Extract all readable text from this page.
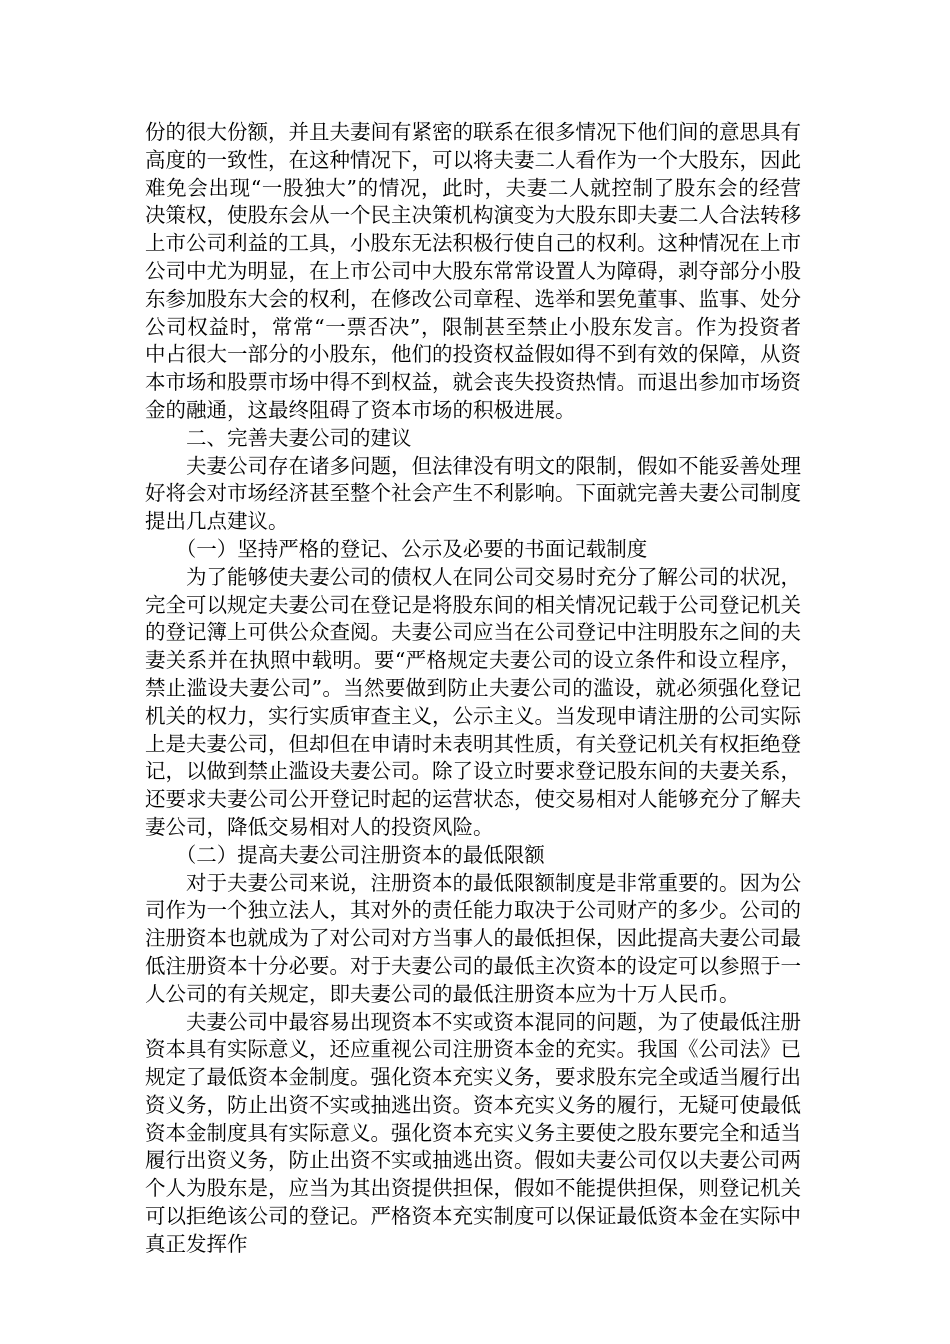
份的很大份额，并且夫妻间有紧密的联系在很多情况下他们间的意思具有高度的一致性，在这种情况下，可以将夫妻二人看作为一个大股东，因此难免会出现“一股独大”的情况，此时，夫妻二人就控制了股东会的经营决策权，使股东会从一个民主决策机构演变为大股东即夫妻二人合法转移上市公司利益的工具，小股东无法积极行使自己的权利。这种情况在上市公司中尤为明显，在上市公司中大股东常常设置人为障碍，剥夺部分小股东参加股东大会的权利，在修改公司章程、选举和罢免董事、监事、处分公司权益时，常常“一票否决”，限制甚至禁止小股东发言。作为投资者中占很大一部分的小股东，他们的投资权益假如得不到有效的保障，从资本市场和股票市场中得不到权益，就会丧失投资热情。而退出参加市场资金的融通，这最终阻碍了资本市场的积极进展。

二、完善夫妻公司的建议

夫妻公司存在诸多问题，但法律没有明文的限制，假如不能妥善处理好将会对市场经济甚至整个社会产生不利影响。下面就完善夫妻公司制度提出几点建议。

（一）坚持严格的登记、公示及必要的书面记载制度

为了能够使夫妻公司的债权人在同公司交易时充分了解公司的状况，完全可以规定夫妻公司在登记是将股东间的相关情况记载于公司登记机关的登记簿上可供公众查阅。夫妻公司应当在公司登记中注明股东之间的夫妻关系并在执照中载明。要“严格规定夫妻公司的设立条件和设立程序，禁止滥设夫妻公司”。当然要做到防止夫妻公司的滥设，就必须强化登记机关的权力，实行实质审查主义，公示主义。当发现申请注册的公司实际上是夫妻公司，但却但在申请时未表明其性质，有关登记机关有权拒绝登记，以做到禁止滥设夫妻公司。除了设立时要求登记股东间的夫妻关系，还要求夫妻公司公开登记时起的运营状态，使交易相对人能够充分了解夫妻公司，降低交易相对人的投资风险。

（二）提高夫妻公司注册资本的最低限额

对于夫妻公司来说，注册资本的最低限额制度是非常重要的。因为公司作为一个独立法人，其对外的责任能力取决于公司财产的多少。公司的注册资本也就成为了对公司对方当事人的最低担保，因此提高夫妻公司最低注册资本十分必要。对于夫妻公司的最低主次资本的设定可以参照于一人公司的有关规定，即夫妻公司的最低注册资本应为十万人民币。

夫妻公司中最容易出现资本不实或资本混同的问题，为了使最低注册资本具有实际意义，还应重视公司注册资本金的充实。我国《公司法》已规定了最低资本金制度。强化资本充实义务，要求股东完全或适当履行出资义务，防止出资不实或抽逃出资。资本充实义务的履行，无疑可使最低资本金制度具有实际意义。强化资本充实义务主要使之股东要完全和适当履行出资义务，防止出资不实或抽逃出资。假如夫妻公司仅以夫妻公司两个人为股东是，应当为其出资提供担保，假如不能提供担保，则登记机关可以拒绝该公司的登记。严格资本充实制度可以保证最低资本金在实际中真正发挥作
